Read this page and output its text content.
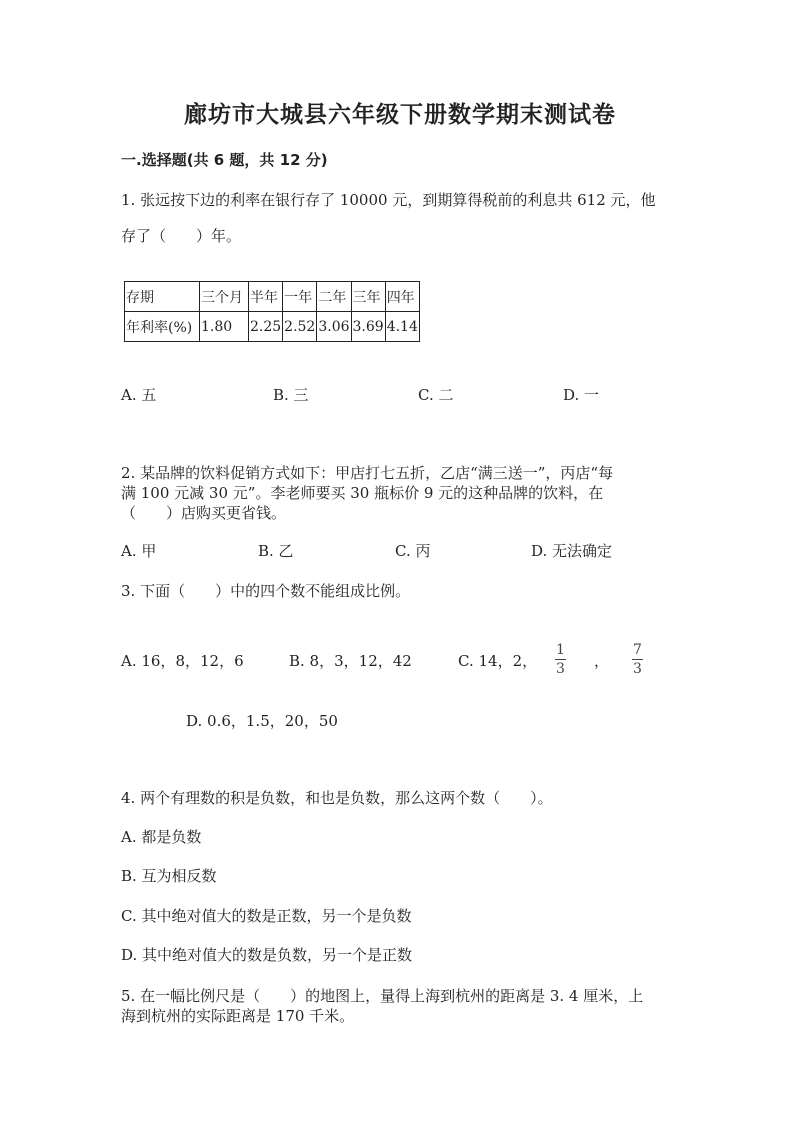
廊坊市大城县六年级下册数学期末测试卷
一.选择题(共 6 题，共 12 分)
1. 张远按下边的利率在银行存了 10000 元，到期算得税前的利息共 612 元，他
存了（　　）年。
存期	三个月	半年	一年	二年	三年	四年
年利率(%)	1.80	2.25	2.52	3.06	3.69	4.14
A. 五	B. 三	C. 二	D. 一
2. 某品牌的饮料促销方式如下：甲店打七五折，乙店“满三送一”，丙店“每
满 100 元减 30 元”。李老师要买 30 瓶标价 9 元的这种品牌的饮料，在
（　　）店购买更省钱。
A. 甲	B. 乙	C. 丙	D. 无法确定
3. 下面（　　）中的四个数不能组成比例。
A. 16，8，12，6	B. 8，3，12，42	C. 14，2，
1
3 ，
7
3
D. 0.6，1.5，20，50
4. 两个有理数的积是负数，和也是负数，那么这两个数（　　）。
A. 都是负数
B. 互为相反数
C. 其中绝对值大的数是正数，另一个是负数
D. 其中绝对值大的数是负数，另一个是正数
5. 在一幅比例尺是（　　）的地图上，量得上海到杭州的距离是 3. 4 厘米，上
海到杭州的实际距离是 170 千米。
